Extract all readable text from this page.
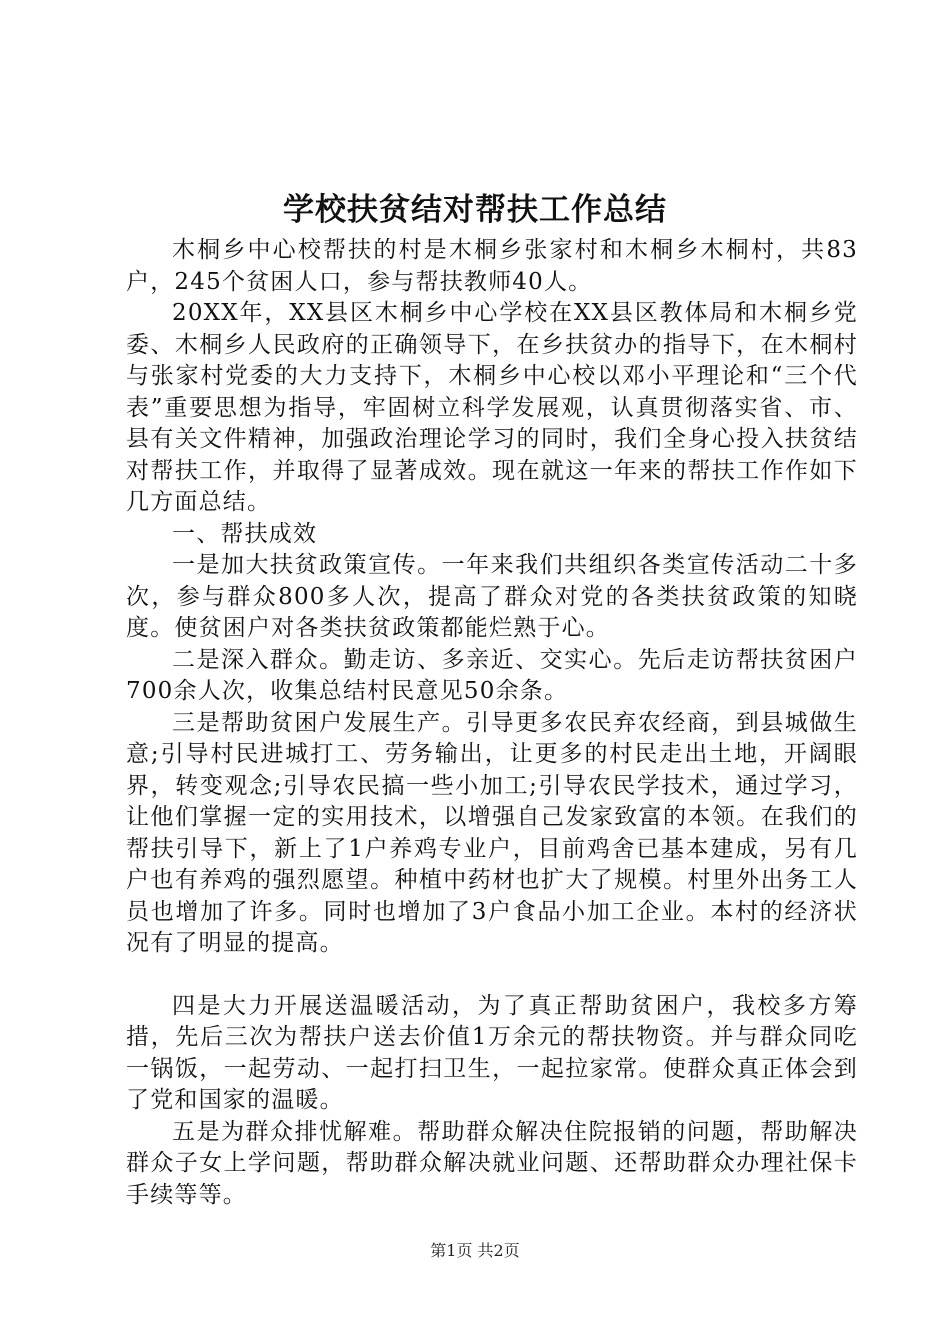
学校扶贫结对帮扶工作总结

木桐乡中心校帮扶的村是木桐乡张家村和木桐乡木桐村，共83户，245个贫困人口，参与帮扶教师40人。

20XX年，XX县区木桐乡中心学校在XX县区教体局和木桐乡党委、木桐乡人民政府的正确领导下，在乡扶贫办的指导下，在木桐村与张家村党委的大力支持下，木桐乡中心校以邓小平理论和“三个代表”重要思想为指导，牢固树立科学发展观，认真贯彻落实省、市、县有关文件精神，加强政治理论学习的同时，我们全身心投入扶贫结对帮扶工作，并取得了显著成效。现在就这一年来的帮扶工作作如下几方面总结。

一、帮扶成效

一是加大扶贫政策宣传。一年来我们共组织各类宣传活动二十多次，参与群众800多人次，提高了群众对党的各类扶贫政策的知晓度。使贫困户对各类扶贫政策都能烂熟于心。

二是深入群众。勤走访、多亲近、交实心。先后走访帮扶贫困户700余人次，收集总结村民意见50余条。

三是帮助贫困户发展生产。引导更多农民弃农经商，到县城做生意;引导村民进城打工、劳务输出，让更多的村民走出土地，开阔眼界，转变观念;引导农民搞一些小加工;引导农民学技术，通过学习，让他们掌握一定的实用技术，以增强自己发家致富的本领。在我们的帮扶引导下，新上了1户养鸡专业户，目前鸡舍已基本建成，另有几户也有养鸡的强烈愿望。种植中药材也扩大了规模。村里外出务工人员也增加了许多。同时也增加了3户食品小加工企业。本村的经济状况有了明显的提高。

四是大力开展送温暖活动，为了真正帮助贫困户，我校多方筹措，先后三次为帮扶户送去价值1万余元的帮扶物资。并与群众同吃一锅饭，一起劳动、一起打扫卫生，一起拉家常。使群众真正体会到了党和国家的温暖。

五是为群众排忧解难。帮助群众解决住院报销的问题，帮助解决群众子女上学问题，帮助群众解决就业问题、还帮助群众办理社保卡手续等等。

第1页 共2页
